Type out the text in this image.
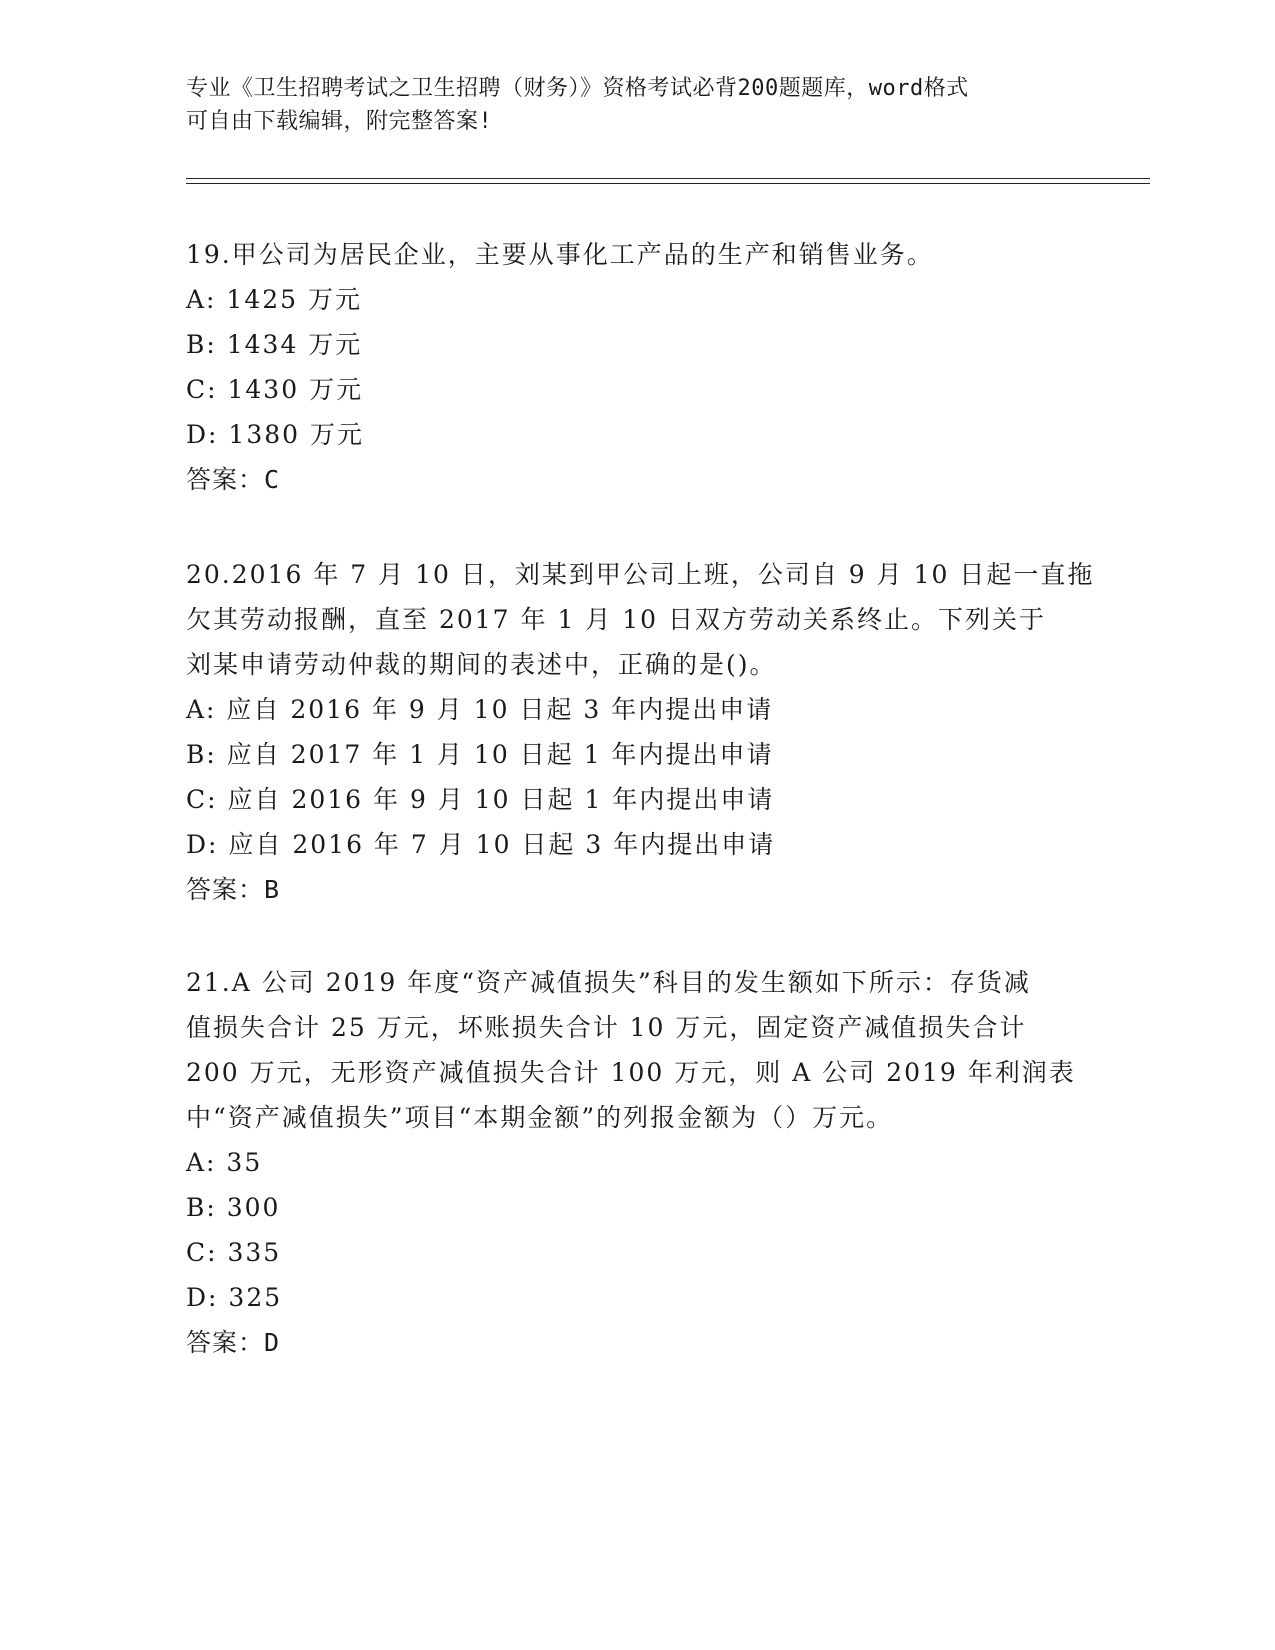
专业《卫生招聘考试之卫生招聘（财务）》资格考试必背200题题库，word格式
可自由下载编辑，附完整答案!
19.甲公司为居民企业，主要从事化工产品的生产和销售业务。
A: 1425 万元
B: 1434 万元
C: 1430 万元
D: 1380 万元
答案：C
20.2016 年 7 月 10 日，刘某到甲公司上班，公司自 9 月 10 日起一直拖
欠其劳动报酬，直至 2017 年 1 月 10 日双方劳动关系终止。下列关于
刘某申请劳动仲裁的期间的表述中，正确的是()。
A: 应自 2016 年 9 月 10 日起 3 年内提出申请
B: 应自 2017 年 1 月 10 日起 1 年内提出申请
C: 应自 2016 年 9 月 10 日起 1 年内提出申请
D: 应自 2016 年 7 月 10 日起 3 年内提出申请
答案：B
21.A 公司 2019 年度“资产减值损失”科目的发生额如下所示：存货减
值损失合计 25 万元，坏账损失合计 10 万元，固定资产减值损失合计
200 万元，无形资产减值损失合计 100 万元，则 A 公司 2019 年利润表
中“资产减值损失”项目“本期金额”的列报金额为（）万元。
A: 35
B: 300
C: 335
D: 325
答案：D
